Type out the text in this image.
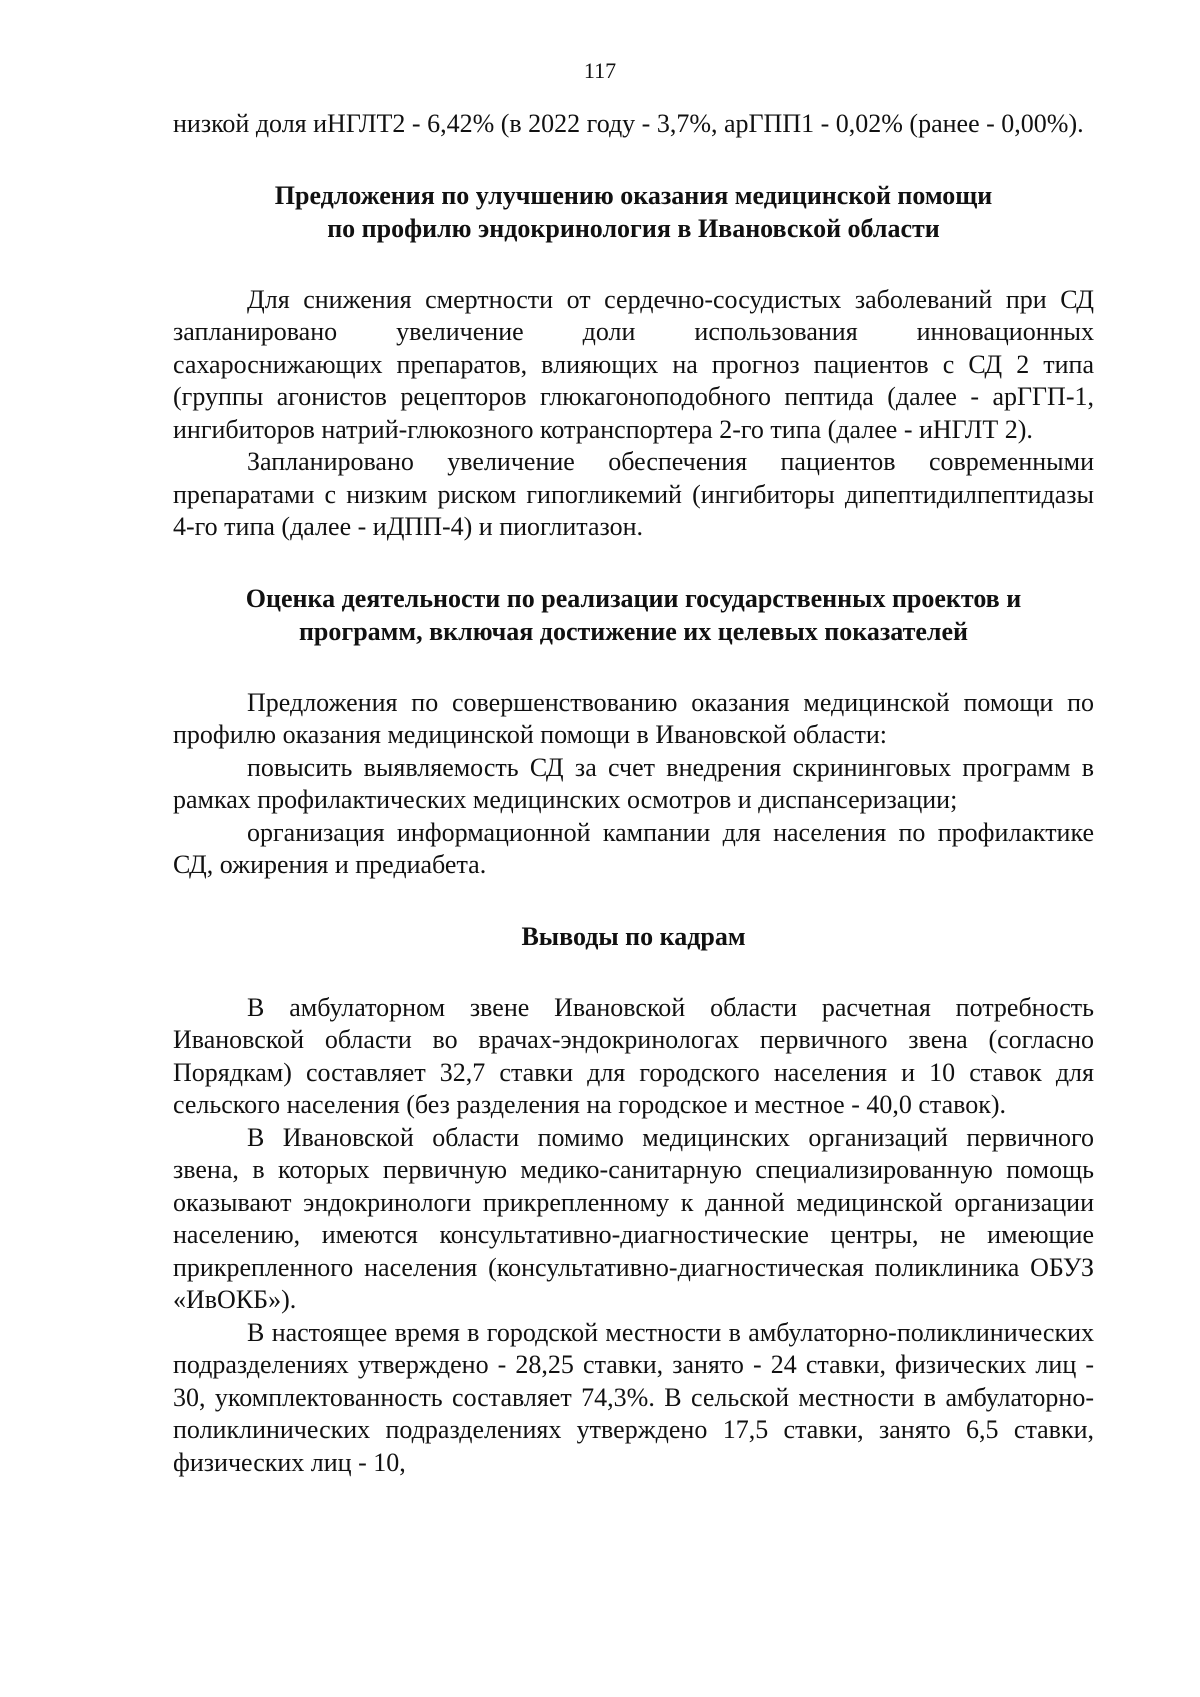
117

низкой доля иНГЛТ2 - 6,42% (в 2022 году - 3,7%, арГПП1 - 0,02% (ранее - 0,00%).

Предложения по улучшению оказания медицинской помощи
по профилю эндокринология в Ивановской области

Для снижения смертности от сердечно-сосудистых заболеваний при СД запланировано увеличение доли использования инновационных сахароснижающих препаратов, влияющих на прогноз пациентов с СД 2 типа (группы агонистов рецепторов глюкагоноподобного пептида (далее - арГГП-1, ингибиторов натрий-глюкозного котранспортера 2-го типа (далее - иНГЛТ 2).

Запланировано увеличение обеспечения пациентов современными препаратами с низким риском гипогликемий (ингибиторы дипептидилпептидазы 4-го типа (далее - иДПП-4) и пиоглитазон.

Оценка деятельности по реализации государственных проектов и
программ, включая достижение их целевых показателей

Предложения по совершенствованию оказания медицинской помощи по профилю оказания медицинской помощи в Ивановской области:

повысить выявляемость СД за счет внедрения скрининговых программ в рамках профилактических медицинских осмотров и диспансеризации;

организация информационной кампании для населения по профилактике СД, ожирения и предиабета.

Выводы по кадрам

В амбулаторном звене Ивановской области расчетная потребность Ивановской области во врачах-эндокринологах первичного звена (согласно Порядкам) составляет 32,7 ставки для городского населения и 10 ставок для сельского населения (без разделения на городское и местное - 40,0 ставок).

В Ивановской области помимо медицинских организаций первичного звена, в которых первичную медико-санитарную специализированную помощь оказывают эндокринологи прикрепленному к данной медицинской организации населению, имеются консультативно-диагностические центры, не имеющие прикрепленного населения (консультативно-диагностическая поликлиника ОБУЗ «ИвОКБ»).

В настоящее время в городской местности в амбулаторно-поликлинических подразделениях утверждено - 28,25 ставки, занято - 24 ставки, физических лиц - 30, укомплектованность составляет 74,3%. В сельской местности в амбулаторно-поликлинических подразделениях утверждено 17,5 ставки, занято 6,5 ставки, физических лиц - 10,
